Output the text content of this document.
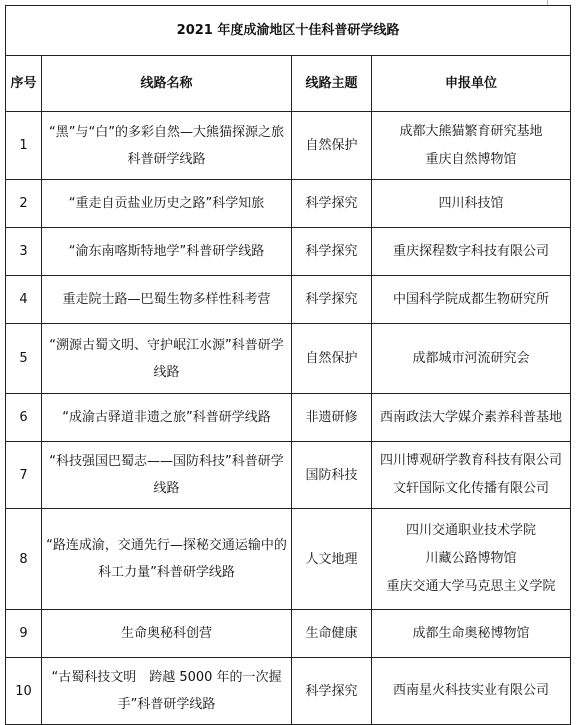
2021 年度成渝地区十佳科普研学线路			
序号	线路名称	线路主题	申报单位
1	“黑”与“白”的多彩自然—大熊猫探源之旅科普研学线路	自然保护	成都大熊猫繁育研究基地
重庆自然博物馆

2	“重走自贡盐业历史之路”科学知旅	科学探究	四川科技馆

3	“渝东南喀斯特地学”科普研学线路	科学探究	重庆探程数字科技有限公司

4	重走院士路—巴蜀生物多样性科考营	科学探究	中国科学院成都生物研究所

5	“溯源古蜀文明、守护岷江水源”科普研学线路	自然保护	成都城市河流研究会

6	“成渝古驿道非遗之旅”科普研学线路	非遗研修	西南政法大学媒介素养科普基地

7	“科技强国巴蜀志——国防科技”科普研学线路	国防科技	四川博观研学教育科技有限公司
文轩国际文化传播有限公司

8	“路连成渝，交通先行—探秘交通运输中的科工力量”科普研学线路	人文地理	四川交通职业技术学院
川藏公路博物馆
重庆交通大学马克思主义学院

9	生命奥秘科创营	生命健康	成都生命奥秘博物馆

10	“古蜀科技文明　跨越 5000 年的一次握手”科普研学线路	科学探究	西南星火科技实业有限公司
